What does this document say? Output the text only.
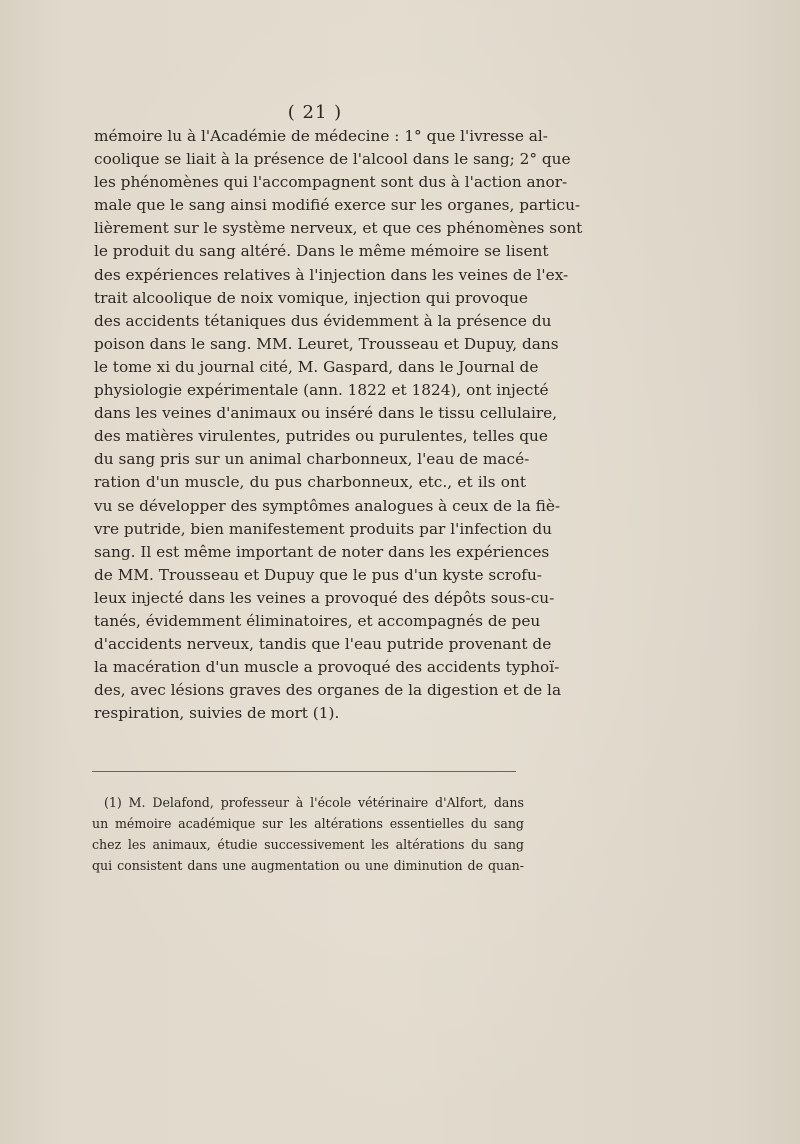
( 21 )
mémoire lu à l'Académie de médecine : 1° que l'ivresse al-
coolique se liait à la présence de l'alcool dans le sang; 2° que
les phénomènes qui l'accompagnent sont dus à l'action anor-
male que le sang ainsi modifié exerce sur les organes, particu-
lièrement sur le système nerveux, et que ces phénomènes sont
le produit du sang altéré. Dans le même mémoire se lisent
des expériences relatives à l'injection dans les veines de l'ex-
trait alcoolique de noix vomique, injection qui provoque
des accidents tétaniques dus évidemment à la présence du
poison dans le sang. MM. Leuret, Trousseau et Dupuy, dans
le tome xi du journal cité, M. Gaspard, dans le Journal de
physiologie expérimentale (ann. 1822 et 1824), ont injecté
dans les veines d'animaux ou inséré dans le tissu cellulaire,
des matières virulentes, putrides ou purulentes, telles que
du sang pris sur un animal charbonneux, l'eau de macé-
ration d'un muscle, du pus charbonneux, etc., et ils ont
vu se développer des symptômes analogues à ceux de la fiè-
vre putride, bien manifestement produits par l'infection du
sang. Il est même important de noter dans les expériences
de MM. Trousseau et Dupuy que le pus d'un kyste scrofu-
leux injecté dans les veines a provoqué des dépôts sous-cu-
tanés, évidemment éliminatoires, et accompagnés de peu
d'accidents nerveux, tandis que l'eau putride provenant de
la macération d'un muscle a provoqué des accidents typhoï-
des, avec lésions graves des organes de la digestion et de la
respiration, suivies de mort (1).
(1) M. Delafond, professeur à l'école vétérinaire d'Alfort, dans
un mémoire académique sur les altérations essentielles du sang
chez les animaux, étudie successivement les altérations du sang
qui consistent dans une augmentation ou une diminution de quan-
